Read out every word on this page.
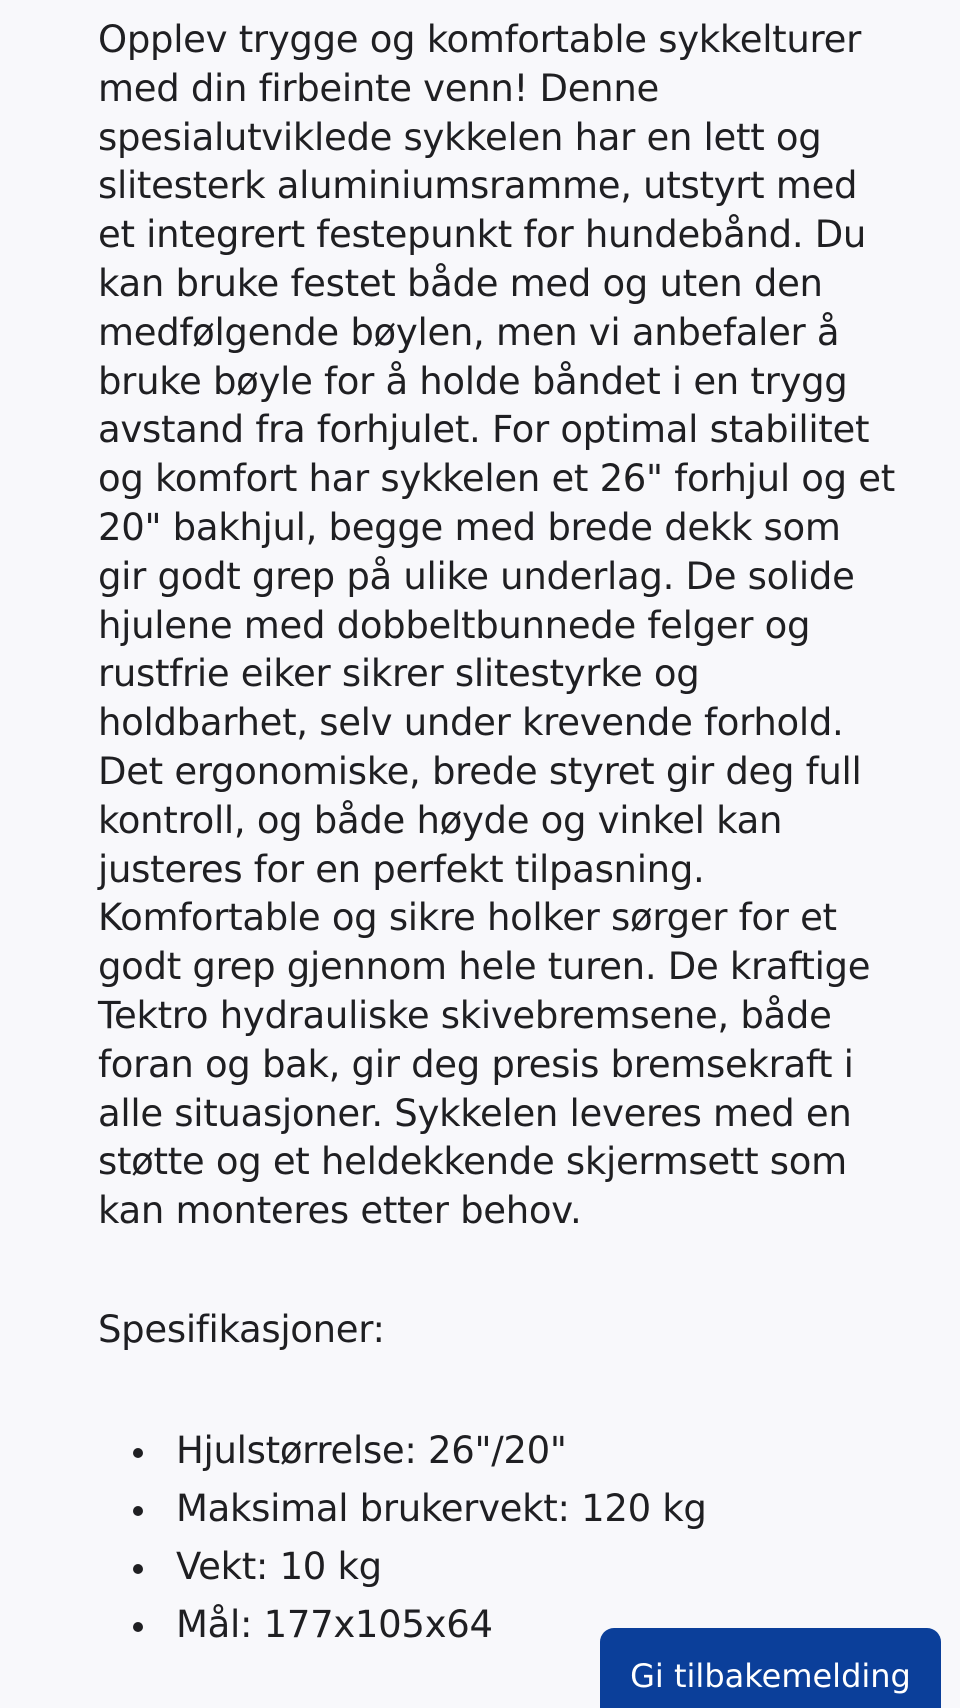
Opplev trygge og komfortable sykkelturer med din firbeinte venn! Denne spesialutviklede sykkelen har en lett og slitesterk aluminiumsramme, utstyrt med et integrert festepunkt for hundebånd. Du kan bruke festet både med og uten den medfølgende bøylen, men vi anbefaler å bruke bøyle for å holde båndet i en trygg avstand fra forhjulet. For optimal stabilitet og komfort har sykkelen et 26" forhjul og et 20" bakhjul, begge med brede dekk som gir godt grep på ulike underlag. De solide hjulene med dobbeltbunnede felger og rustfrie eiker sikrer slitestyrke og holdbarhet, selv under krevende forhold. Det ergonomiske, brede styret gir deg full kontroll, og både høyde og vinkel kan justeres for en perfekt tilpasning. Komfortable og sikre holker sørger for et godt grep gjennom hele turen. De kraftige Tektro hydrauliske skivebremsene, både foran og bak, gir deg presis bremsekraft i alle situasjoner. Sykkelen leveres med en støtte og et heldekkende skjermsett som kan monteres etter behov.

Spesifikasjoner:

Hjulstørrelse: 26"/20"
Maksimal brukervekt: 120 kg
Vekt: 10 kg
Mål: 177x105x64
Gi tilbakemelding
